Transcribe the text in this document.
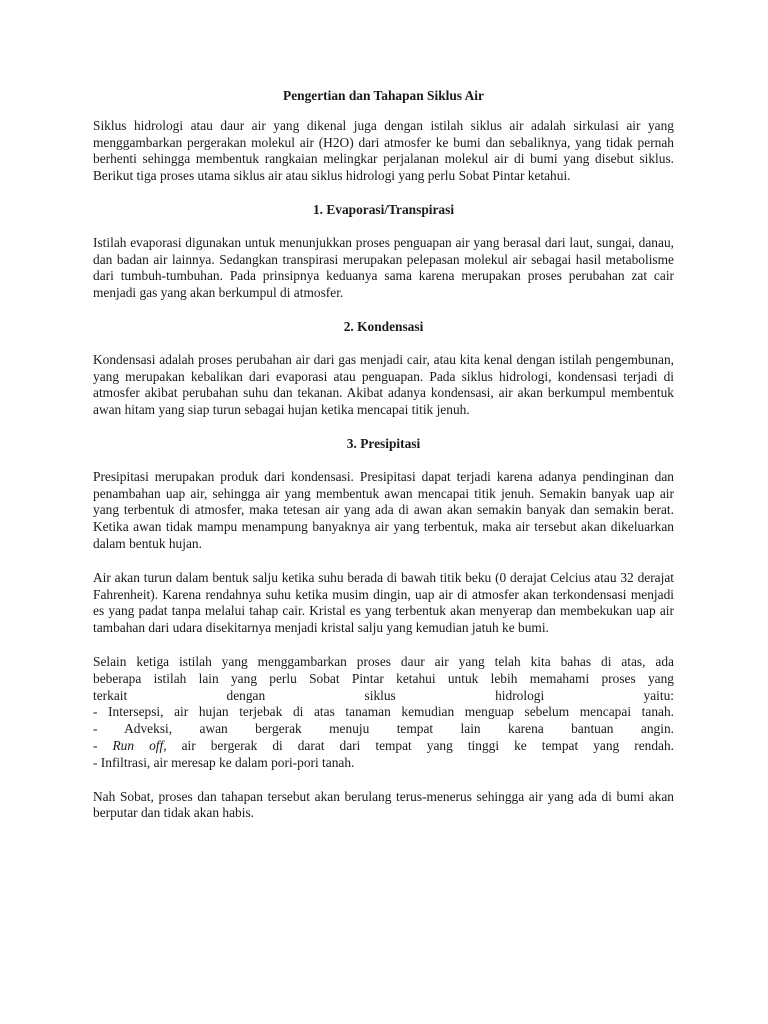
Pengertian dan Tahapan Siklus Air

Siklus hidrologi atau daur air yang dikenal juga dengan istilah siklus air adalah sirkulasi air yang menggambarkan pergerakan molekul air (H2O) dari atmosfer ke bumi dan sebaliknya, yang tidak pernah berhenti sehingga membentuk rangkaian melingkar perjalanan molekul air di bumi yang disebut siklus. Berikut tiga proses utama siklus air atau siklus hidrologi yang perlu Sobat Pintar ketahui.

1. Evaporasi/Transpirasi

Istilah evaporasi digunakan untuk menunjukkan proses penguapan air yang berasal dari laut, sungai, danau, dan badan air lainnya. Sedangkan transpirasi merupakan pelepasan molekul air sebagai hasil metabolisme dari tumbuh-tumbuhan. Pada prinsipnya keduanya sama karena merupakan proses perubahan zat cair menjadi gas yang akan berkumpul di atmosfer.

2. Kondensasi

Kondensasi adalah proses perubahan air dari gas menjadi cair, atau kita kenal dengan istilah pengembunan, yang merupakan kebalikan dari evaporasi atau penguapan. Pada siklus hidrologi, kondensasi terjadi di atmosfer akibat perubahan suhu dan tekanan. Akibat adanya kondensasi, air akan berkumpul membentuk awan hitam yang siap turun sebagai hujan ketika mencapai titik jenuh.

3. Presipitasi

Presipitasi merupakan produk dari kondensasi. Presipitasi dapat terjadi karena adanya pendinginan dan penambahan uap air, sehingga air yang membentuk awan mencapai titik jenuh. Semakin banyak uap air yang terbentuk di atmosfer, maka tetesan air yang ada di awan akan semakin banyak dan semakin berat. Ketika awan tidak mampu menampung banyaknya air yang terbentuk, maka air tersebut akan dikeluarkan dalam bentuk hujan.

Air akan turun dalam bentuk salju ketika suhu berada di bawah titik beku (0 derajat Celcius atau 32 derajat Fahrenheit). Karena rendahnya suhu ketika musim dingin, uap air di atmosfer akan terkondensasi menjadi es yang padat tanpa melalui tahap cair. Kristal es yang terbentuk akan menyerap dan membekukan uap air tambahan dari udara disekitarnya menjadi kristal salju yang kemudian jatuh ke bumi.

Selain ketiga istilah yang menggambarkan proses daur air yang telah kita bahas di atas, ada
beberapa istilah lain yang perlu Sobat Pintar ketahui untuk lebih memahami proses yang
terkait dengan siklus hidrologi yaitu:
- Intersepsi, air hujan terjebak di atas tanaman kemudian menguap sebelum mencapai tanah.
- Adveksi, awan bergerak menuju tempat lain karena bantuan angin.
- Run off, air bergerak di darat dari tempat yang tinggi ke tempat yang rendah.
- Infiltrasi, air meresap ke dalam pori-pori tanah.

Nah Sobat, proses dan tahapan tersebut akan berulang terus-menerus sehingga air yang ada di bumi akan berputar dan tidak akan habis.
